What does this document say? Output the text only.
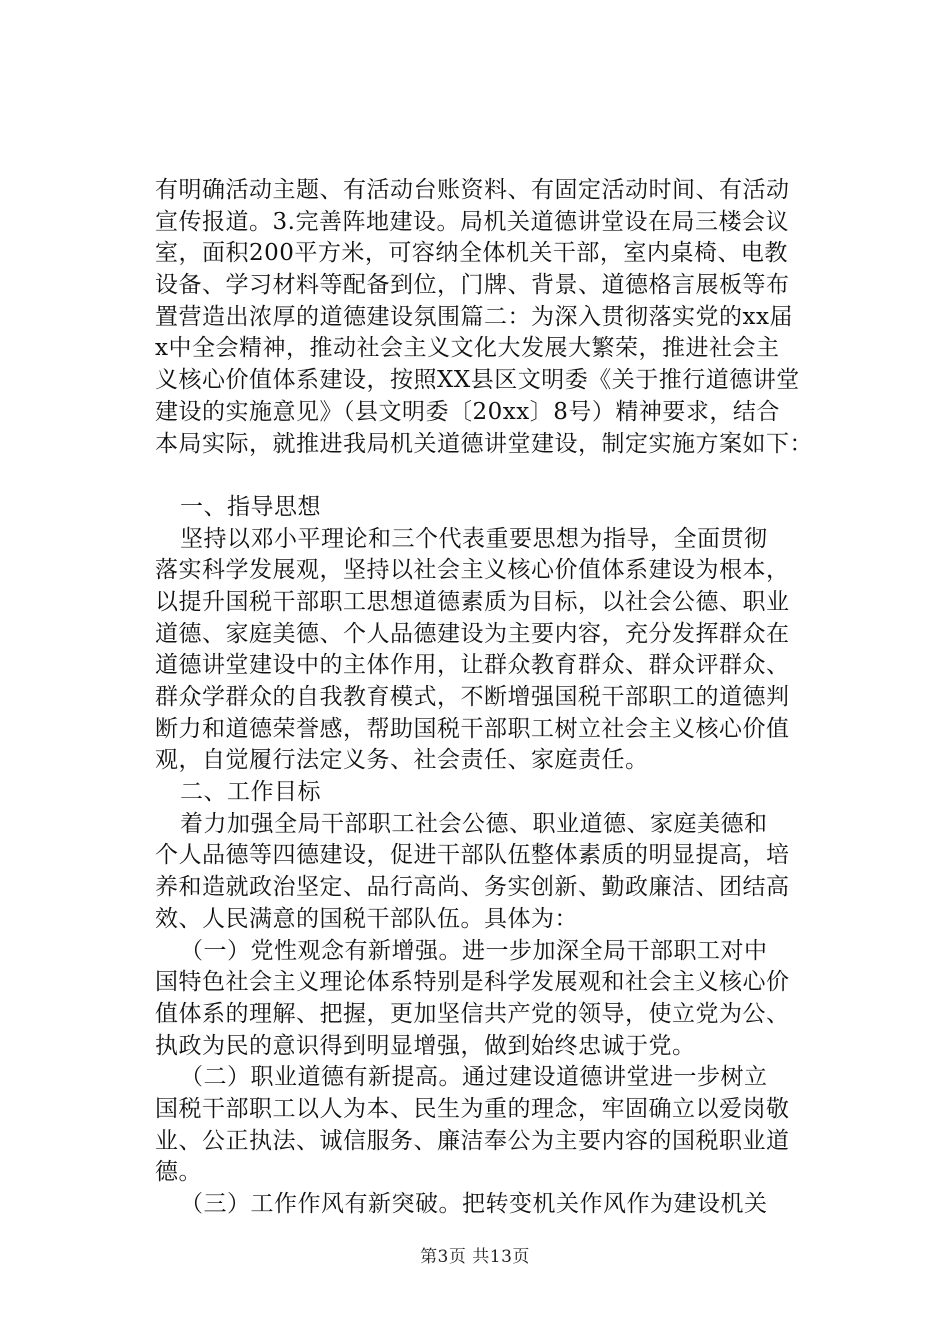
有明确活动主题、有活动台账资料、有固定活动时间、有活动
宣传报道。3.完善阵地建设。局机关道德讲堂设在局三楼会议
室，面积200平方米，可容纳全体机关干部，室内桌椅、电教
设备、学习材料等配备到位，门牌、背景、道德格言展板等布
置营造出浓厚的道德建设氛围篇二：为深入贯彻落实党的xx届
x中全会精神，推动社会主义文化大发展大繁荣，推进社会主
义核心价值体系建设，按照XX县区文明委《关于推行道德讲堂
建设的实施意见》（县文明委〔20xx〕8号）精神要求，结合
本局实际，就推进我局机关道德讲堂建设，制定实施方案如下：
一、指导思想
坚持以邓小平理论和三个代表重要思想为指导，全面贯彻
落实科学发展观，坚持以社会主义核心价值体系建设为根本，
以提升国税干部职工思想道德素质为目标，以社会公德、职业
道德、家庭美德、个人品德建设为主要内容，充分发挥群众在
道德讲堂建设中的主体作用，让群众教育群众、群众评群众、
群众学群众的自我教育模式，不断增强国税干部职工的道德判
断力和道德荣誉感，帮助国税干部职工树立社会主义核心价值
观，自觉履行法定义务、社会责任、家庭责任。
二、工作目标
着力加强全局干部职工社会公德、职业道德、家庭美德和
个人品德等四德建设，促进干部队伍整体素质的明显提高，培
养和造就政治坚定、品行高尚、务实创新、勤政廉洁、团结高
效、人民满意的国税干部队伍。具体为：
（一）党性观念有新增强。进一步加深全局干部职工对中
国特色社会主义理论体系特别是科学发展观和社会主义核心价
值体系的理解、把握，更加坚信共产党的领导，使立党为公、
执政为民的意识得到明显增强，做到始终忠诚于党。
（二）职业道德有新提高。通过建设道德讲堂进一步树立
国税干部职工以人为本、民生为重的理念，牢固确立以爱岗敬
业、公正执法、诚信服务、廉洁奉公为主要内容的国税职业道
德。
（三）工作作风有新突破。把转变机关作风作为建设机关
第3页 共13页
